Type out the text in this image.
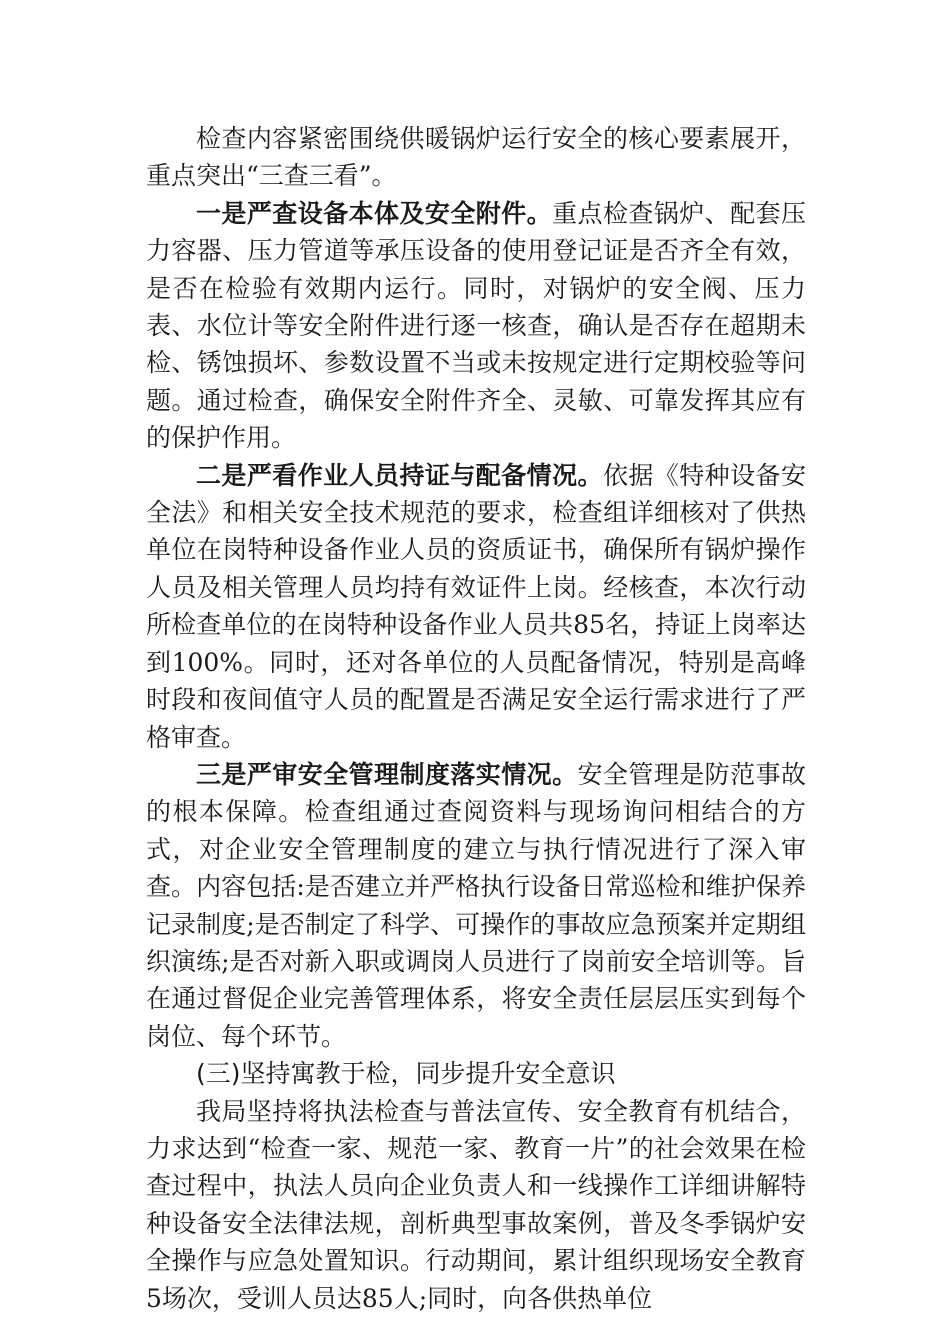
检查内容紧密围绕供暖锅炉运行安全的核心要素展开，重点突出“三查三看”。

一是严查设备本体及安全附件。重点检查锅炉、配套压力容器、压力管道等承压设备的使用登记证是否齐全有效，是否在检验有效期内运行。同时，对锅炉的安全阀、压力表、水位计等安全附件进行逐一核查，确认是否存在超期未检、锈蚀损坏、参数设置不当或未按规定进行定期校验等问题。通过检查，确保安全附件齐全、灵敏、可靠发挥其应有的保护作用。

二是严看作业人员持证与配备情况。依据《特种设备安全法》和相关安全技术规范的要求，检查组详细核对了供热单位在岗特种设备作业人员的资质证书，确保所有锅炉操作人员及相关管理人员均持有效证件上岗。经核查，本次行动所检查单位的在岗特种设备作业人员共85名，持证上岗率达到100%。同时，还对各单位的人员配备情况，特别是高峰时段和夜间值守人员的配置是否满足安全运行需求进行了严格审查。

三是严审安全管理制度落实情况。安全管理是防范事故的根本保障。检查组通过查阅资料与现场询问相结合的方式，对企业安全管理制度的建立与执行情况进行了深入审查。内容包括:是否建立并严格执行设备日常巡检和维护保养记录制度;是否制定了科学、可操作的事故应急预案并定期组织演练;是否对新入职或调岗人员进行了岗前安全培训等。旨在通过督促企业完善管理体系，将安全责任层层压实到每个岗位、每个环节。

(三)坚持寓教于检，同步提升安全意识

我局坚持将执法检查与普法宣传、安全教育有机结合，力求达到“检查一家、规范一家、教育一片”的社会效果在检查过程中，执法人员向企业负责人和一线操作工详细讲解特种设备安全法律法规，剖析典型事故案例，普及冬季锅炉安全操作与应急处置知识。行动期间，累计组织现场安全教育5场次，受训人员达85人;同时，向各供热单位
